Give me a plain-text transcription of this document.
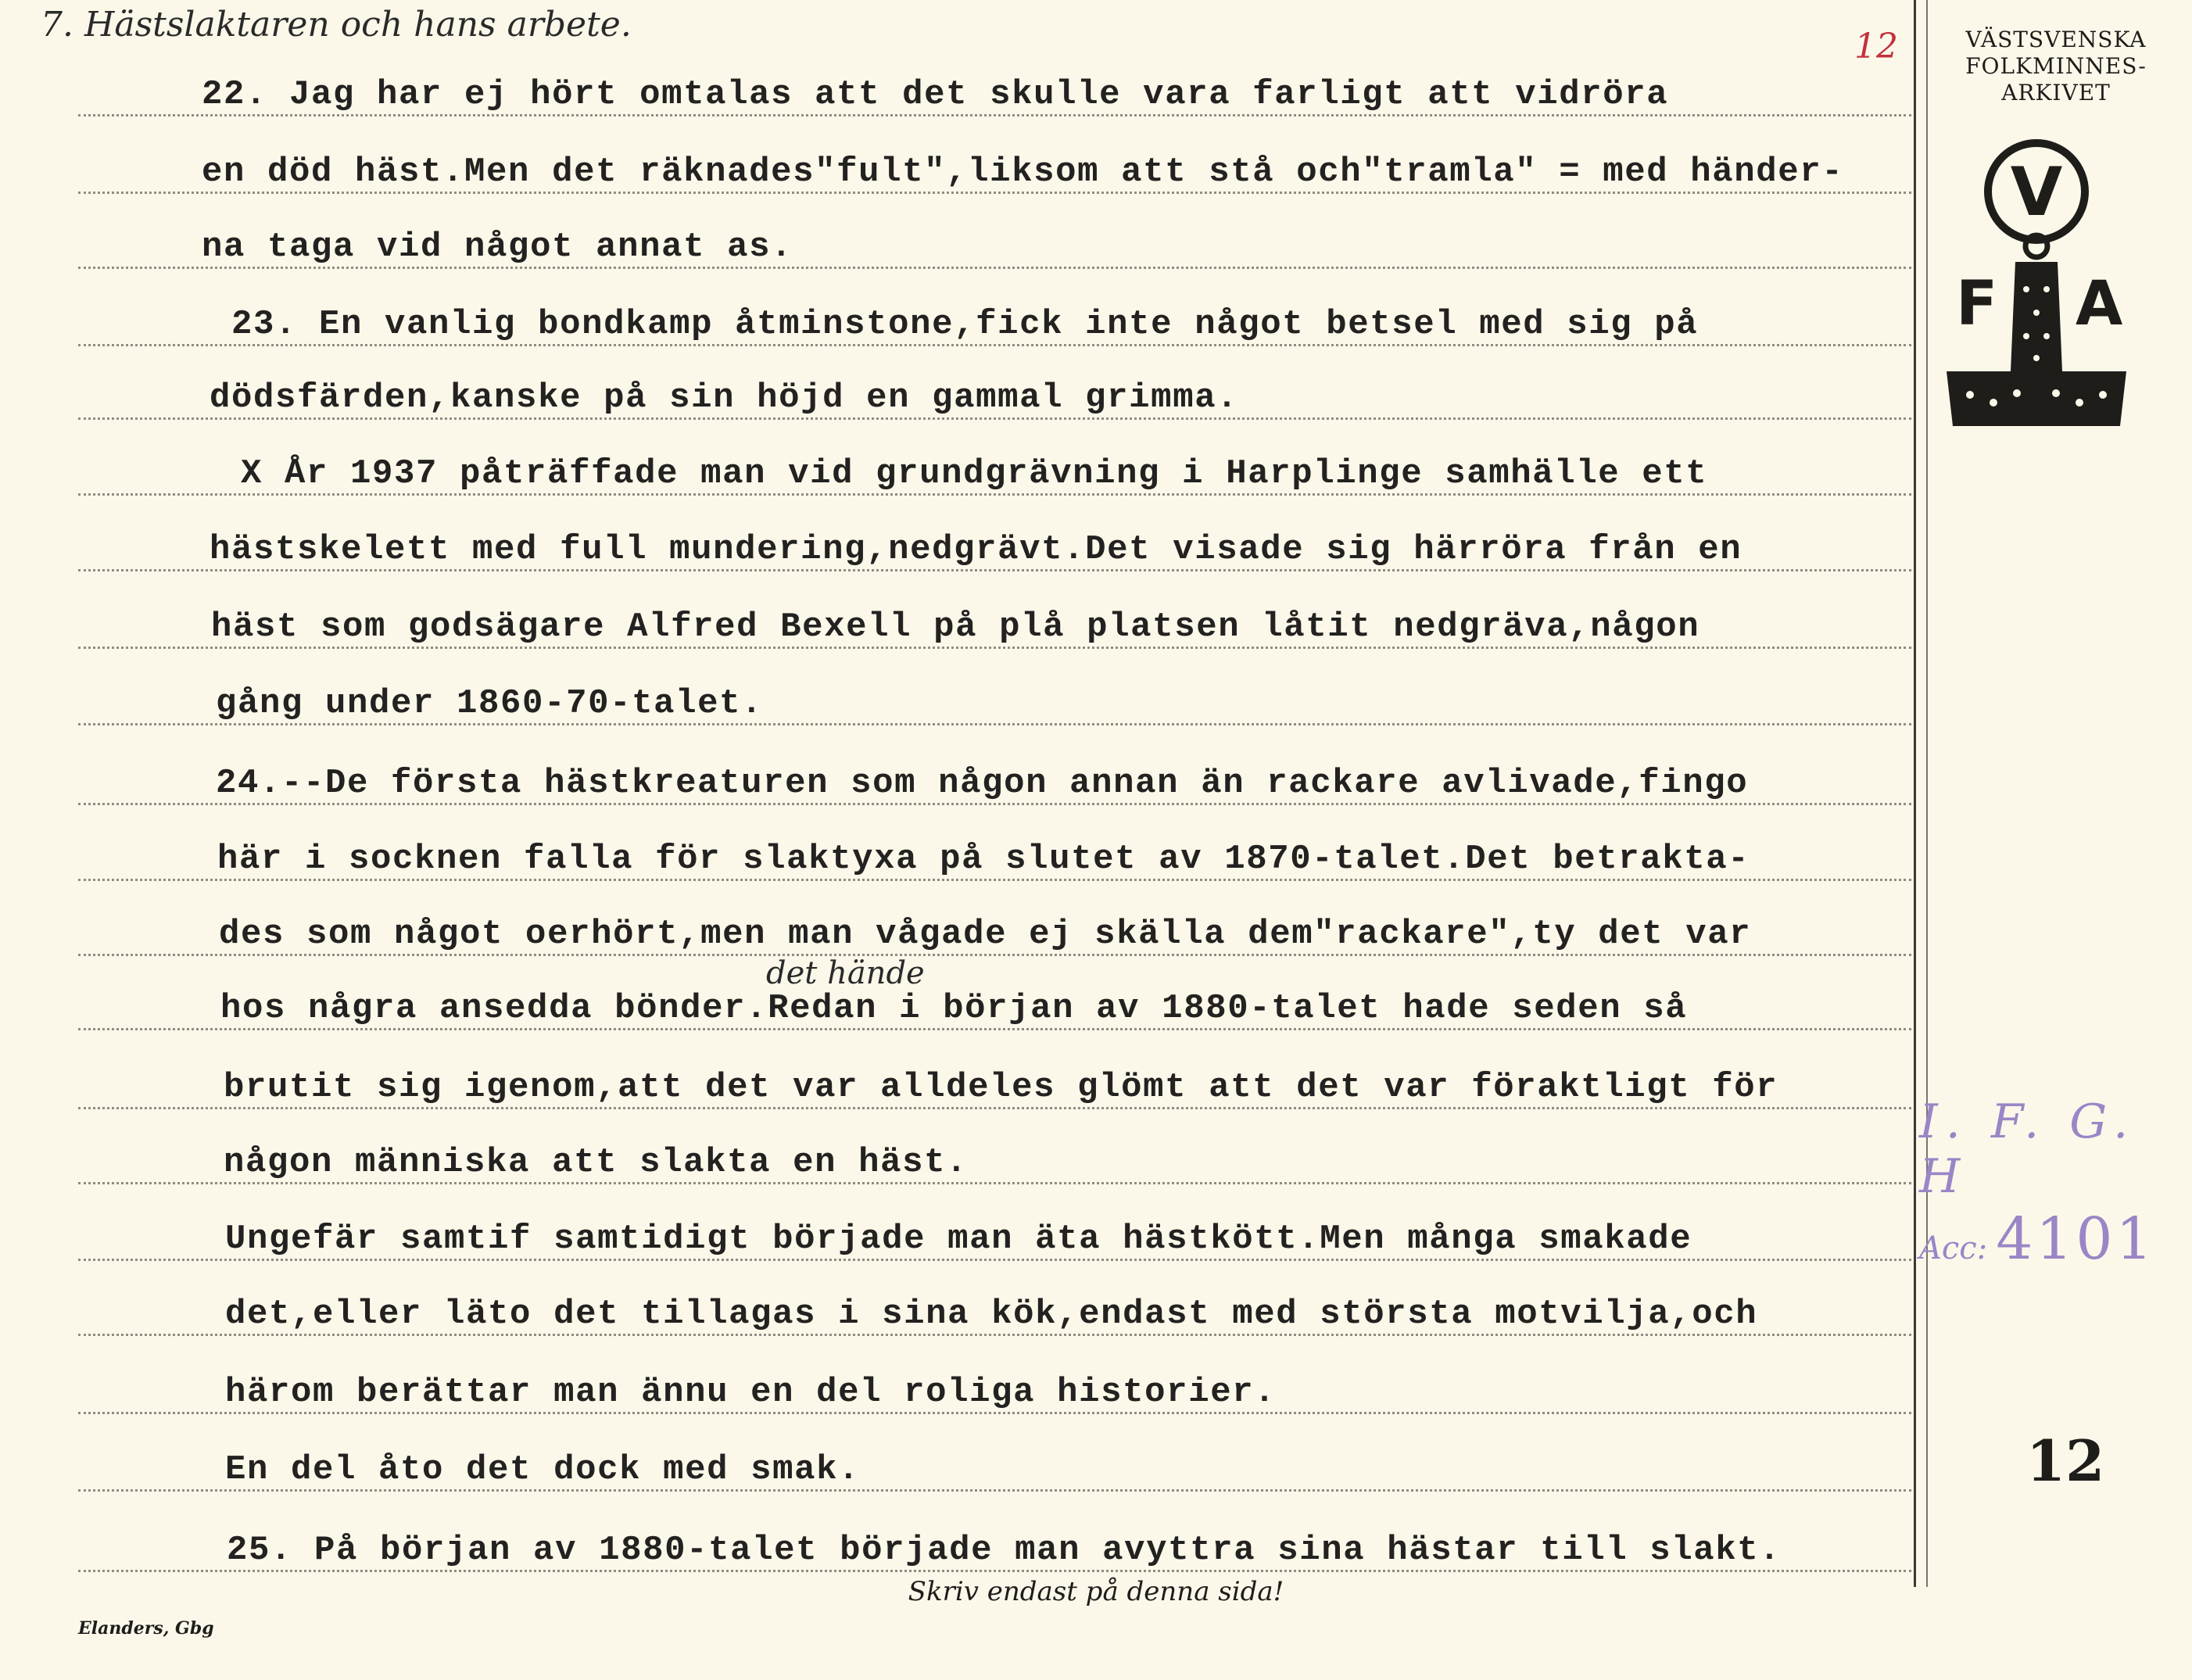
7. Hästslaktaren och hans arbete.
12
22. Jag har ej hört omtalas att det skulle vara farligt att vidröra
en död häst.Men det räknades"fult",liksom att stå och"tramla" = med händer-
na taga vid något annat as.
23. En vanlig bondkamp åtminstone,fick inte något betsel med sig på
dödsfärden,kanske på sin höjd en gammal grimma.
X År 1937 påträffade man vid grundgrävning i Harplinge samhälle ett
hästskelett med full mundering,nedgrävt.Det visade sig härröra från en
häst som godsägare Alfred Bexell på plå platsen låtit nedgräva,någon
gång under 1860-70-talet.
24.--De första hästkreaturen som någon annan än rackare avlivade,fingo
här i socknen falla för slaktyxa på slutet av 1870-talet.Det betrakta-
des som något oerhört,men man vågade ej skälla dem"rackare",ty det var
hos några ansedda bönder.Redan i början av 1880-talet hade seden så
brutit sig igenom,att det var alldeles glömt att det var föraktligt för
någon människa att slakta en häst.
Ungefär samtif samtidigt började man äta hästkött.Men många smakade
det,eller läto det tillagas i sina kök,endast med största motvilja,och
härom berättar man ännu en del roliga historier.
En del åto det dock med smak.
25. På början av 1880-talet började man avyttra sina hästar till slakt.
det hände
VÄSTSVENSKA
FOLKMINNES-
ARKIVET
V
F A
I. F. G. H
Acc: 4101
12
Skriv endast på denna sida!
Elanders, Gbg
